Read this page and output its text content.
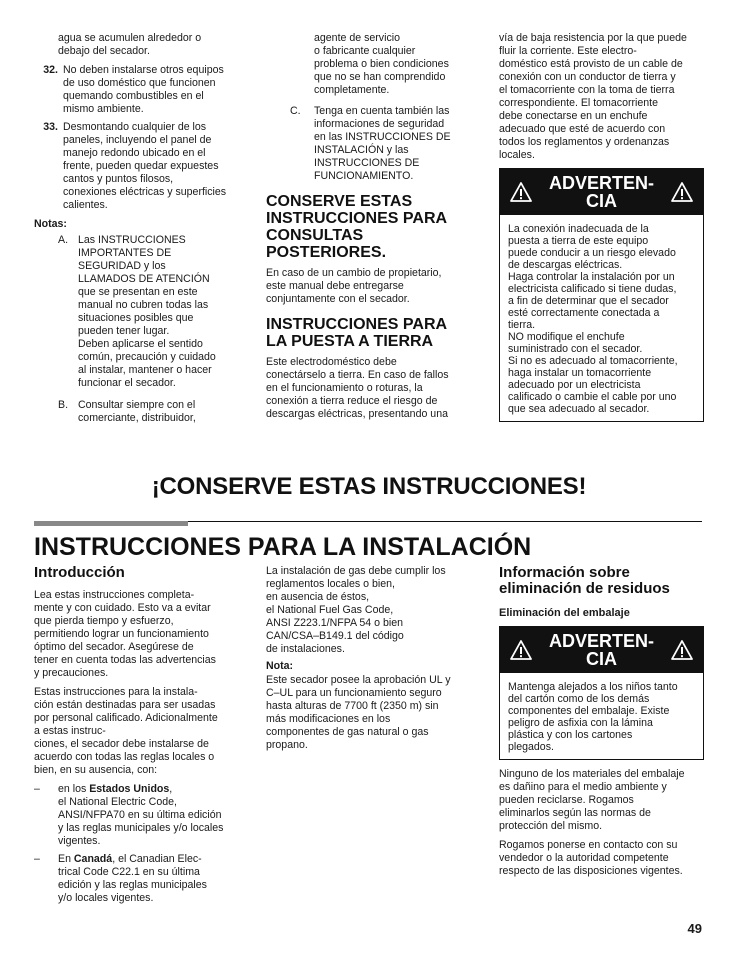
agua se acumulen alrededor o
debajo del secador.

32. No deben instalarse otros equipos
de uso doméstico que funcionen
quemando combustibles en el
mismo ambiente.
33. Desmontando cualquier de los
paneles, incluyendo el panel de
manejo redondo ubicado en el
frente, pueden quedar expuestes
cantos y puntos filosos,
conexiones eléctricas y superficies
calientes.
Notas:
A. Las INSTRUCCIONES
IMPORTANTES DE
SEGURIDAD y los
LLAMADOS DE ATENCIÓN
que se presentan en este
manual no cubren todas las
situaciones posibles que
pueden tener lugar.
Deben aplicarse el sentido
común, precaución y cuidado
al instalar, mantener o hacer
funcionar el secador.
B. Consultar siempre con el
comerciante, distribuidor,

agente de servicio
o fabricante cualquier
problema o bien condiciones
que no se han comprendido
completamente.

C.	Tenga en cuenta también las
informaciones de seguridad
en las INSTRUCCIONES DE
INSTALACIÓN y las
INSTRUCCIONES DE
FUNCIONAMIENTO.
CONSERVE ESTAS
INSTRUCCIONES PARA
CONSULTAS
POSTERIORES.

En caso de un cambio de propietario,
este manual debe entregarse
conjuntamente con el secador.

INSTRUCCIONES PARA
LA PUESTA A TIERRA

Este electrodoméstico debe
conectárselo a tierra. En caso de fallos
en el funcionamiento o roturas, la
conexión a tierra reduce el riesgo de
descargas eléctricas, presentando una

vía de baja resistencia por la que puede
fluir la corriente. Este electro-
doméstico está provisto de un cable de
conexión con un conductor de tierra y
el tomacorriente con la toma de tierra
correspondiente. El tomacorriente
debe conectarse en un enchufe
adecuado que esté de acuerdo con
todos los reglamentos y ordenanzas
locales.

ADVERTEN-
CIA
La conexión inadecuada de la
puesta a tierra de este equipo
puede conducir a un riesgo elevado
de descargas eléctricas.
Haga controlar la instalación por un
electricista calificado si tiene dudas,
a fin de determinar que el secador
esté correctamente conectada a
tierra.
NO modifique el enchufe
suministrado con el secador.
Si no es adecuado al tomacorriente,
haga instalar un tomacorriente
adecuado por un electricista
calificado o cambie el cable por uno
que sea adecuado al secador.
¡CONSERVE ESTAS INSTRUCCIONES!
INSTRUCCIONES PARA LA INSTALACIÓN
Introducción

Lea estas instrucciones completa-
mente y con cuidado. Esto va a evitar
que pierda tiempo y esfuerzo,
permitiendo lograr un funcionamiento
óptimo del secador. Asegúrese de
tener en cuenta todas las advertencias
y precauciones.

Estas instrucciones para la instala-
ción están destinadas para ser usadas
por personal calificado. Adicionalmente
a estas instruc-
ciones, el secador debe instalarse de
acuerdo con todas las reglas locales o
bien, en su ausencia, con:

–	en los Estados Unidos,
el National Electric Code,
ANSI/NFPA70 en su última edición
y las reglas municipales y/o locales
vigentes.
–	En Canadá, el Canadian Elec-
trical Code C22.1 en su última
edición y las reglas municipales
y/o locales vigentes.

La instalación de gas debe cumplir los
reglamentos locales o bien,
en ausencia de éstos,
el National Fuel Gas Code,
ANSI Z223.1/NFPA 54 o bien
CAN/CSA–B149.1 del código
de instalaciones.

Nota:

Este secador posee la aprobación UL y
C–UL para un funcionamiento seguro
hasta alturas de 7700 ft (2350 m) sin
más modificaciones en los
componentes de gas natural o gas
propano.

Información sobre
eliminación de residuos
Eliminación del embalaje
ADVERTEN-
CIA
Mantenga alejados a los niños tanto
del cartón como de los demás
componentes del embalaje. Existe
peligro de asfixia con la lámina
plástica y con los cartones
plegados.

Ninguno de los materiales del embalaje
es dañino para el medio ambiente y
pueden reciclarse. Rogamos
eliminarlos según las normas de
protección del mismo.

Rogamos ponerse en contacto con su
vendedor o la autoridad competente
respecto de las disposiciones vigentes.

49
